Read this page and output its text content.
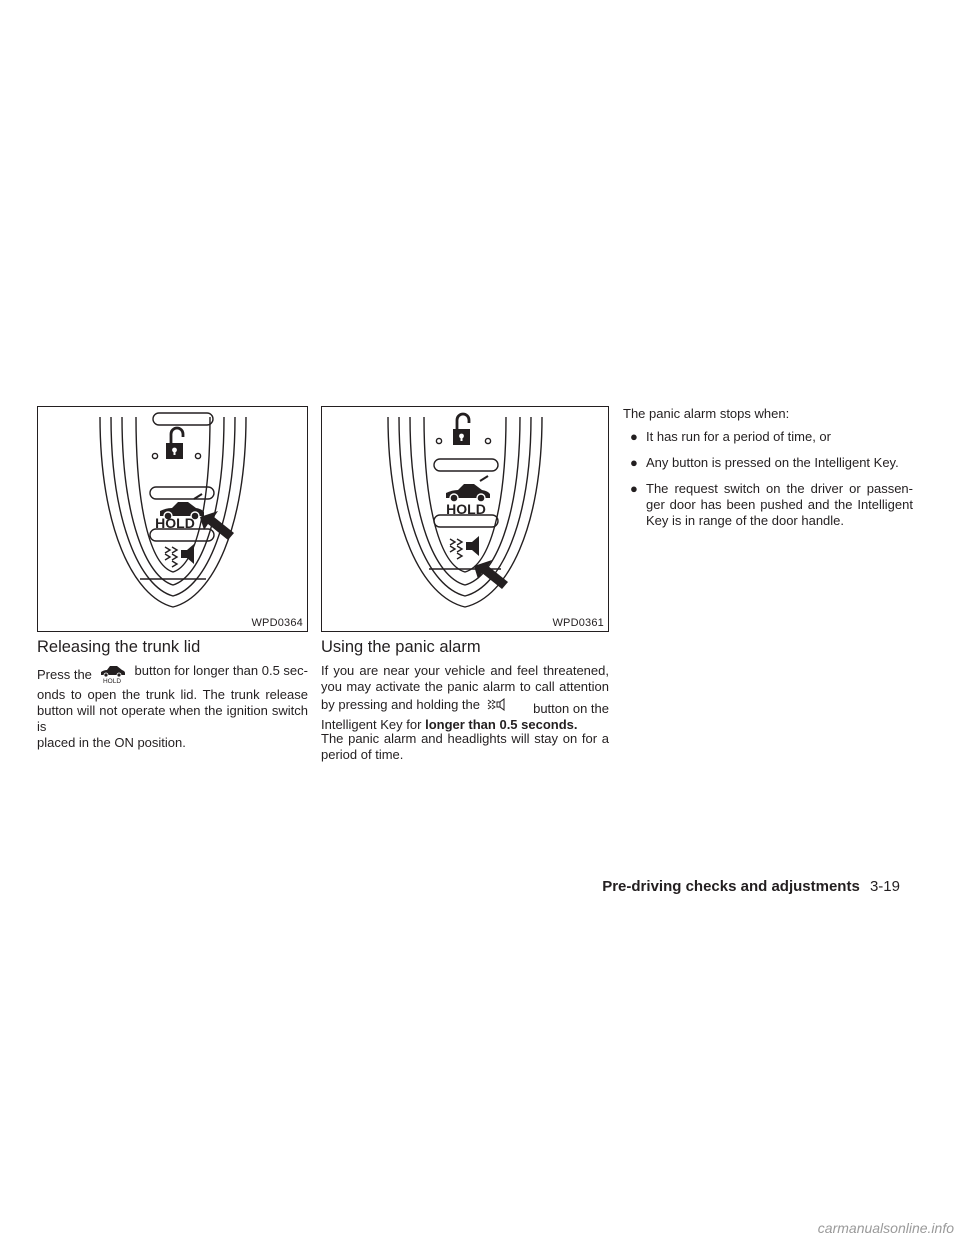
HOLD
WPD0364
HOLD
WPD0361
Releasing the trunk lid
Press the HOLD
button for longer than 0.5 sec-
onds to open the trunk lid. The trunk release
button will not operate when the ignition switch is
placed in the ON position.
Using the panic alarm
If you are near your vehicle and feel threatened,
you may activate the panic alarm to call attention
by pressing and holding the	button on the
Intelligent Key for longer than 0.5 seconds.
The panic alarm and headlights will stay on for a
period of time.
The panic alarm stops when:
● It has run for a period of time, or
● Any button is pressed on the Intelligent Key.
● The request switch on the driver or passen-ger door has been pushed and the Intelligent Key is in range of the door handle.
Pre-driving checks and adjustments 3-19
carmanualsonline.info
